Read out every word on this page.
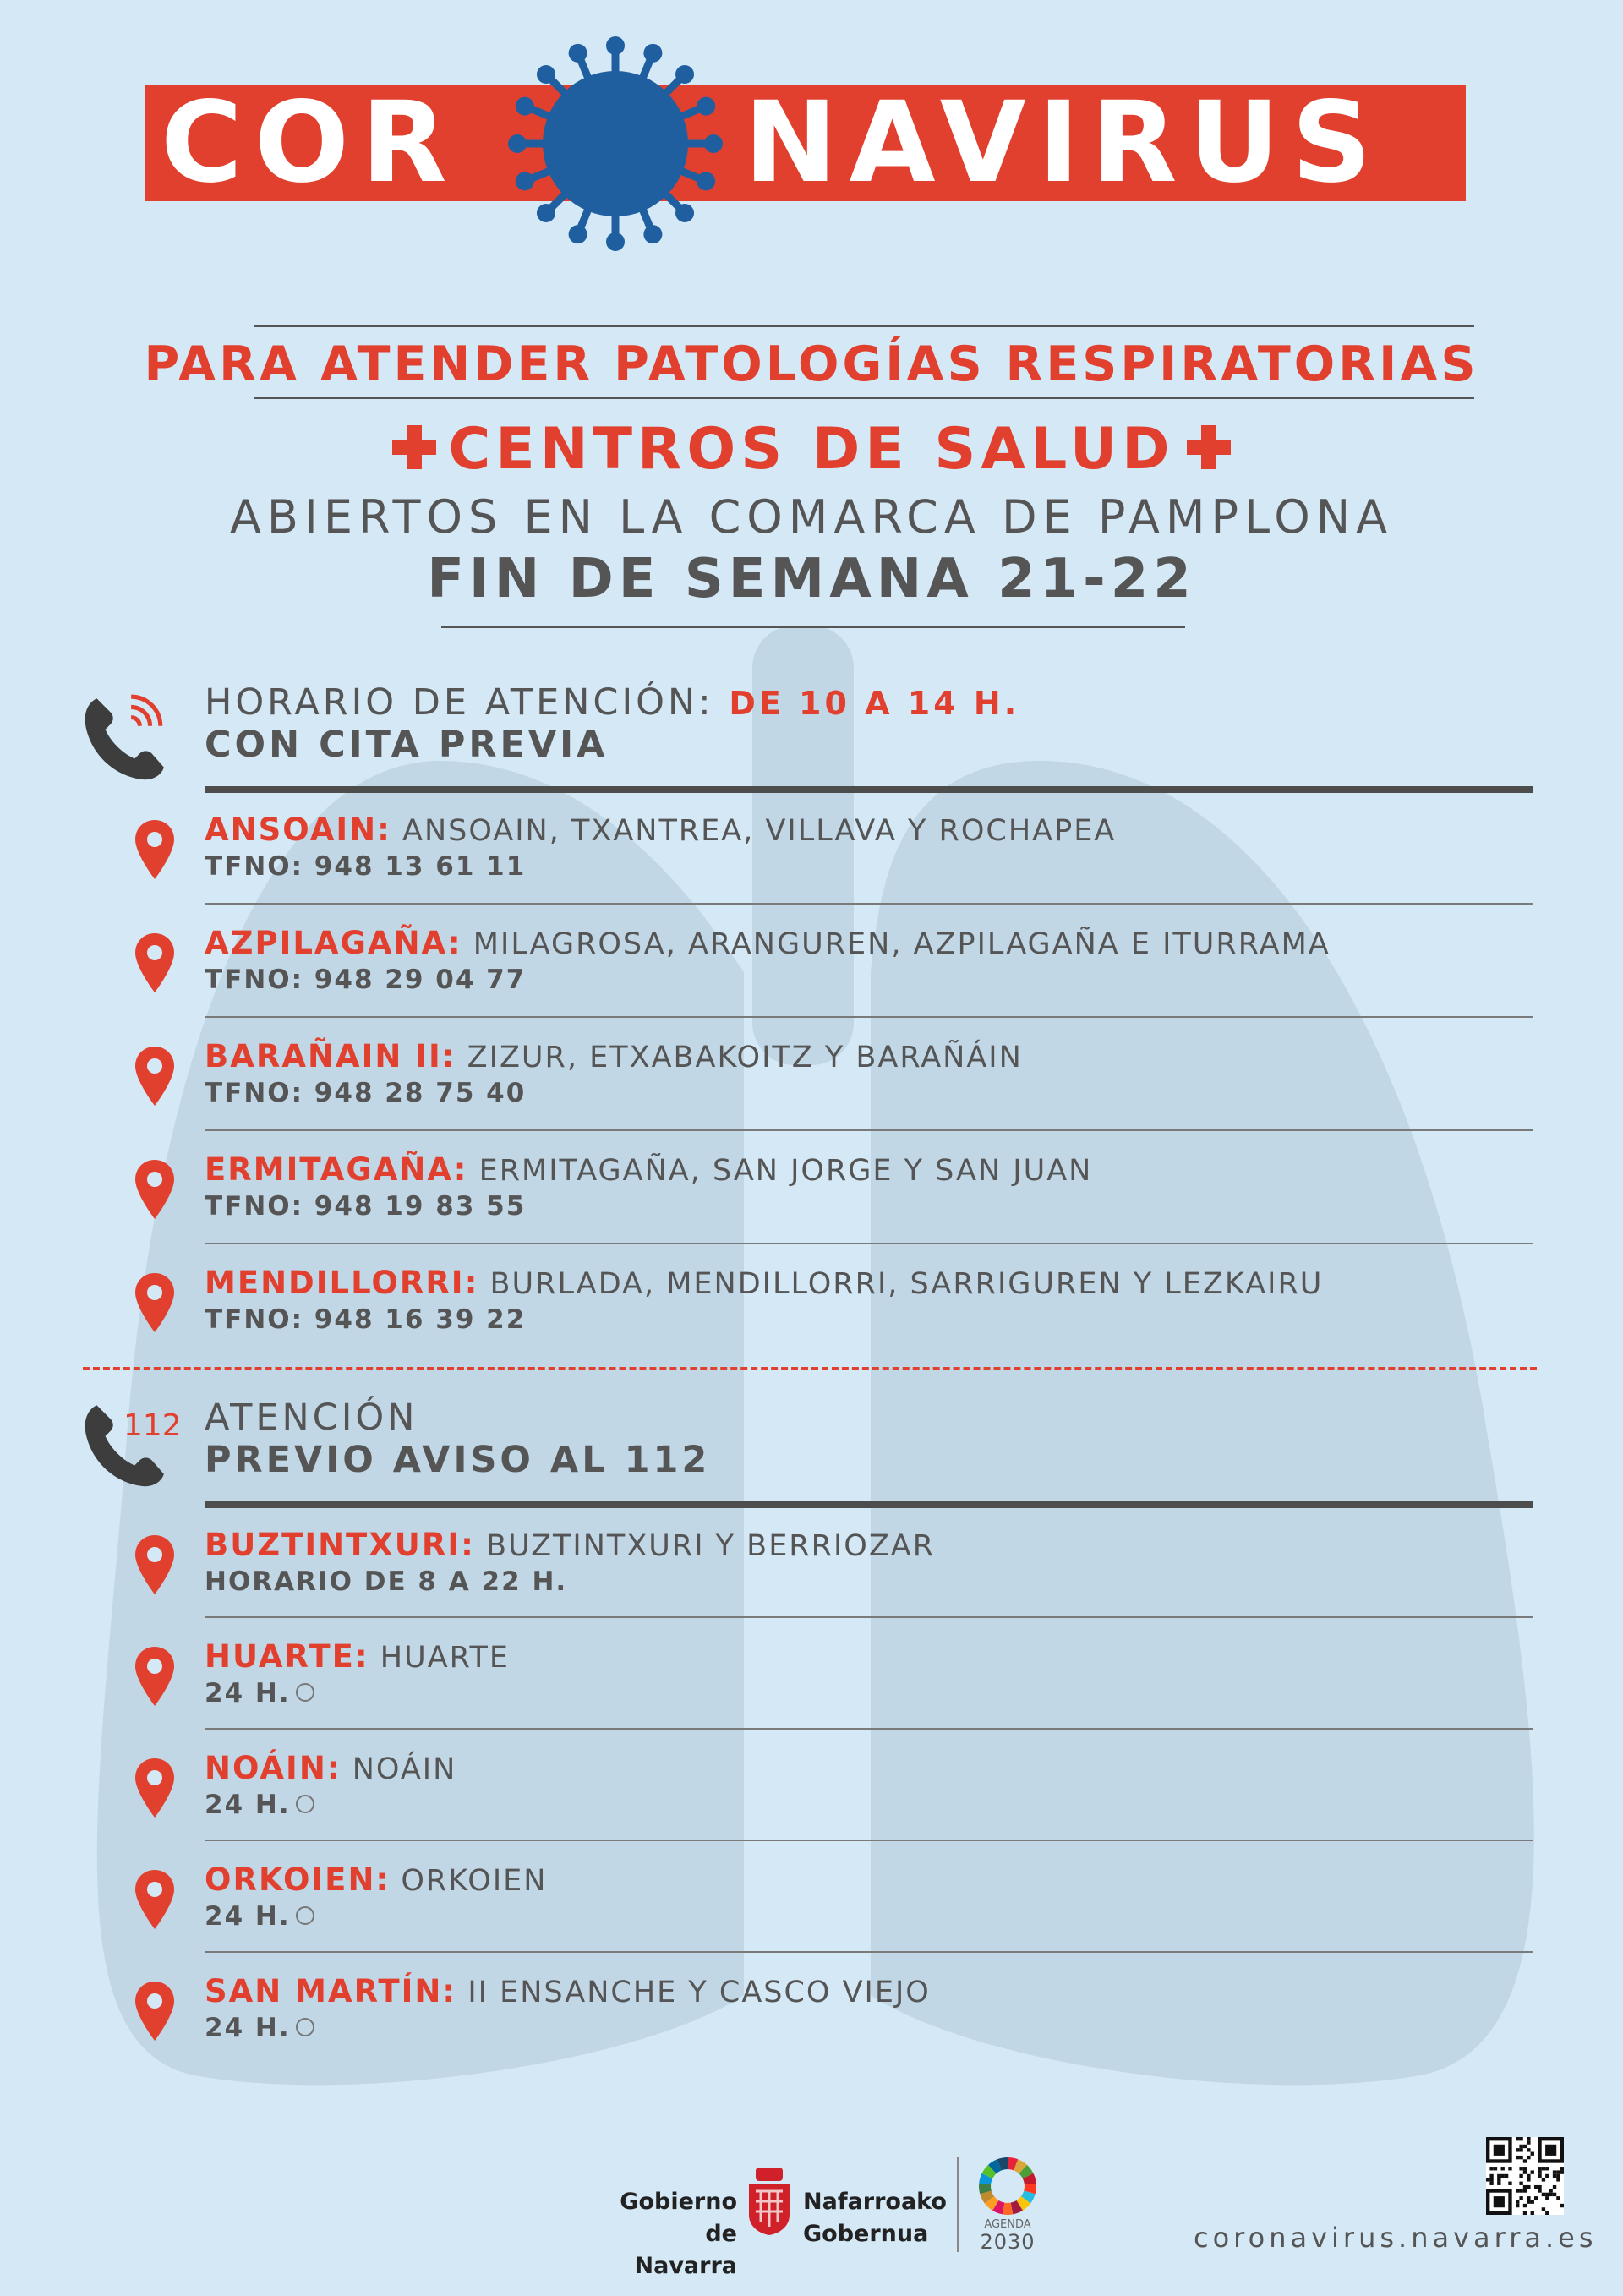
COR	NAVIRUS
PARA ATENDER PATOLOGÍAS RESPIRATORIAS
CENTROS DE SALUD
ABIERTOS EN LA COMARCA DE PAMPLONA
FIN DE SEMANA 21-22
HORARIO DE ATENCIÓN: DE 10 A 14 H.
CON CITA PREVIA
ANSOAIN: ANSOAIN, TXANTREA, VILLAVA Y ROCHAPEA
TFNO: 948 13 61 11
AZPILAGAÑA: MILAGROSA, ARANGUREN, AZPILAGAÑA E ITURRAMA
TFNO: 948 29 04 77
BARAÑAIN II: ZIZUR, ETXABAKOITZ Y BARAÑÁIN
TFNO: 948 28 75 40
ERMITAGAÑA: ERMITAGAÑA, SAN JORGE Y SAN JUAN
TFNO: 948 19 83 55
MENDILLORRI: BURLADA, MENDILLORRI, SARRIGUREN Y LEZKAIRU
TFNO: 948 16 39 22
112 ATENCIÓN
PREVIO AVISO AL 112
BUZTINTXURI: BUZTINTXURI Y BERRIOZAR
HORARIO DE 8 A 22 H.
HUARTE: HUARTE
24 H.
NOÁIN: NOÁIN
24 H.
ORKOIEN: ORKOIEN
24 H.
SAN MARTÍN: II ENSANCHE Y CASCO VIEJO
24 H.
Gobierno
de Navarra
Nafarroako
Gobernua	AGENDA
2030	coronavirus.navarra.es
